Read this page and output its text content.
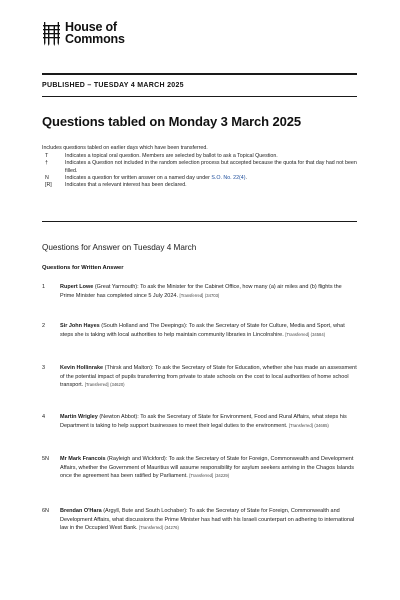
House of
Commons
PUBLISHED – TUESDAY 4 MARCH 2025
Questions tabled on Monday 3 March 2025
Includes questions tabled on earlier days which have been transferred.
T	Indicates a topical oral question. Members are selected by ballot to ask a Topical Question.
†	Indicates a Question not included in the random selection process but accepted because the quota for that day had not been filled.
N	Indicates a question for written answer on a named day under S.O. No. 22(4).
[R]	Indicates that a relevant interest has been declared.
Questions for Answer on Tuesday 4 March
Questions for Written Answer
1	Rupert Lowe (Great Yarmouth): To ask the Minister for the Cabinet Office, how many (a) air miles and (b) flights the Prime Minister has completed since 5 July 2024. [Transferred] (34703)
2	Sir John Hayes (South Holland and The Deepings): To ask the Secretary of State for Culture, Media and Sport, what steps she is taking with local authorities to help maintain community libraries in Lincolnshire. [Transferred] (34584)
3	Kevin Hollinrake (Thirsk and Malton): To ask the Secretary of State for Education, whether she has made an assessment of the potential impact of pupils transferring from private to state schools on the cost to local authorities of home school transport. [Transferred] (34620)
4	Martin Wrigley (Newton Abbot): To ask the Secretary of State for Environment, Food and Rural Affairs, what steps his Department is taking to help support businesses to meet their legal duties to the environment. [Transferred] (34685)
5N	Mr Mark Francois (Rayleigh and Wickford): To ask the Secretary of State for Foreign, Commonwealth and Development Affairs, whether the Government of Mauritius will assume responsibility for asylum seekers arriving in the Chagos Islands once the agreement has been ratified by Parliament. [Transferred] (34229)
6N	Brendan O'Hara (Argyll, Bute and South Lochaber): To ask the Secretary of State for Foreign, Commonwealth and Development Affairs, what discussions the Prime Minister has had with his Israeli counterpart on adhering to international law in the Occupied West Bank. [Transferred] (34276)
